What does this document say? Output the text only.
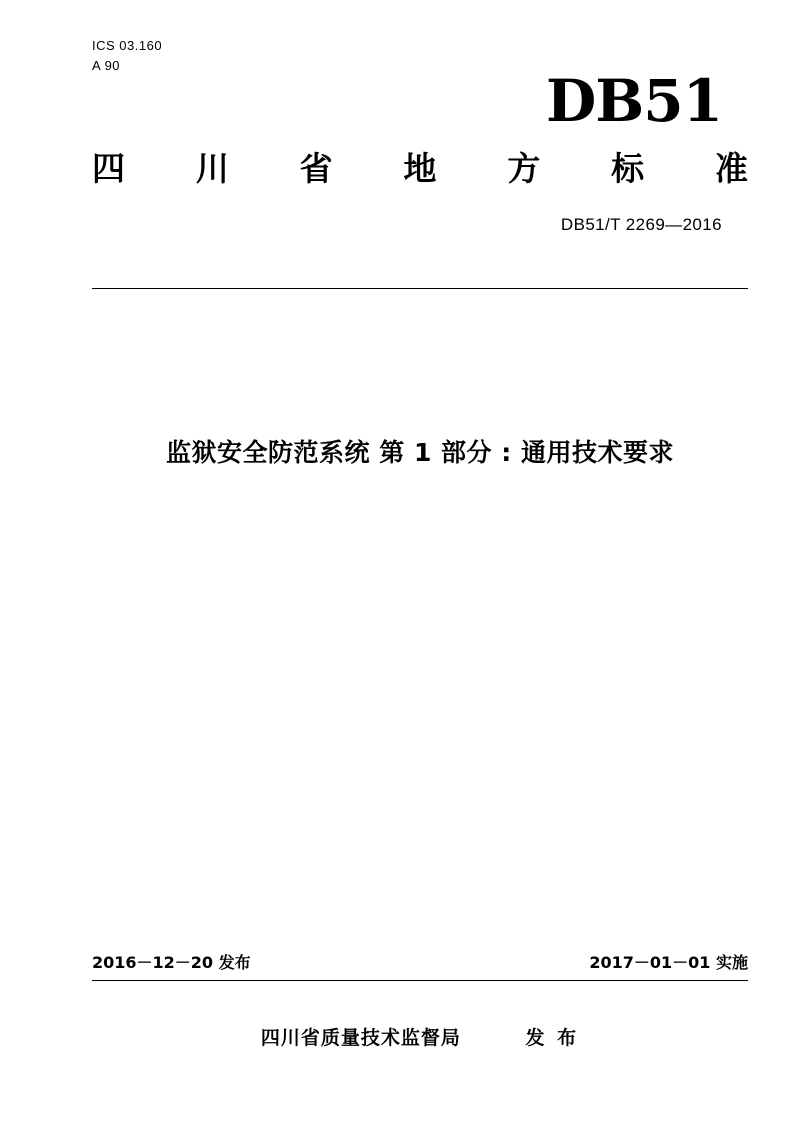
ICS 03.160
A 90
DB51
四 川 省 地 方 标 准
DB51/T 2269—2016
监狱安全防范系统 第 1 部分 : 通用技术要求
2016－12－20 发布	2017－01－01 实施
四川省质量技术监督局	发 布
